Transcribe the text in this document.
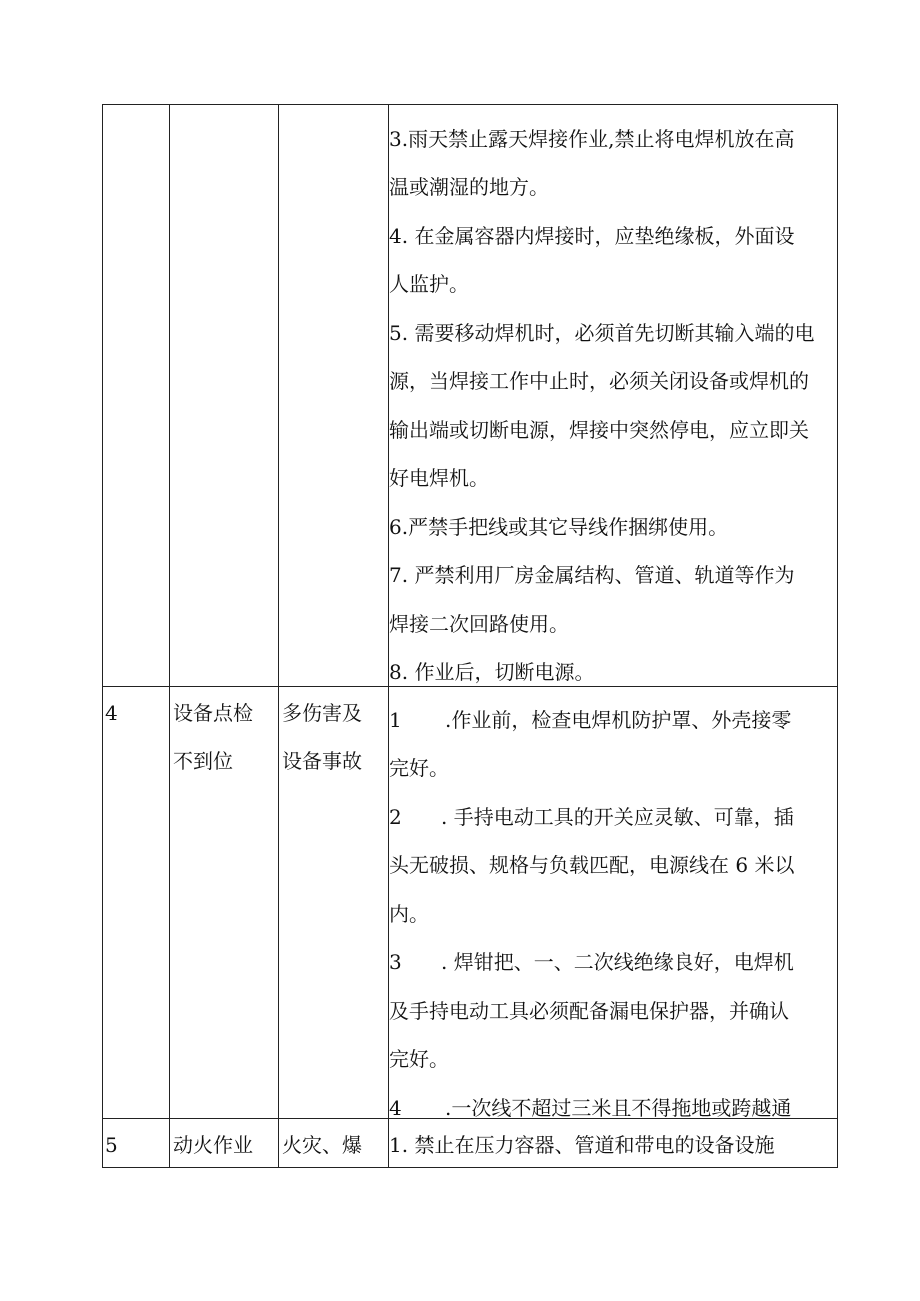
3.雨天禁止露天焊接作业,禁止将电焊机放在高
温或潮湿的地方。
4. 在金属容器内焊接时，应垫绝缘板，外面设
人监护。
5. 需要移动焊机时，必须首先切断其输入端的电
源，当焊接工作中止时，必须关闭设备或焊机的
输出端或切断电源，焊接中突然停电，应立即关
好电焊机。
6.严禁手把线或其它导线作捆绑使用。
7. 严禁利用厂房金属结构、管道、轨道等作为
焊接二次回路使用。
8. 作业后，切断电源。
4	设备点检
不到位
多伤害及
设备事故
1 .作业前，检查电焊机防护罩、外壳接零
完好。
2 . 手持电动工具的开关应灵敏、可靠，插
头无破损、规格与负载匹配，电源线在 6 米以
内。
3 . 焊钳把、一、二次线绝缘良好，电焊机
及手持电动工具必须配备漏电保护器，并确认
完好。
4 .一次线不超过三米且不得拖地或跨越通
5	动火作业 火灾、爆 1. 禁止在压力容器、管道和带电的设备设施
